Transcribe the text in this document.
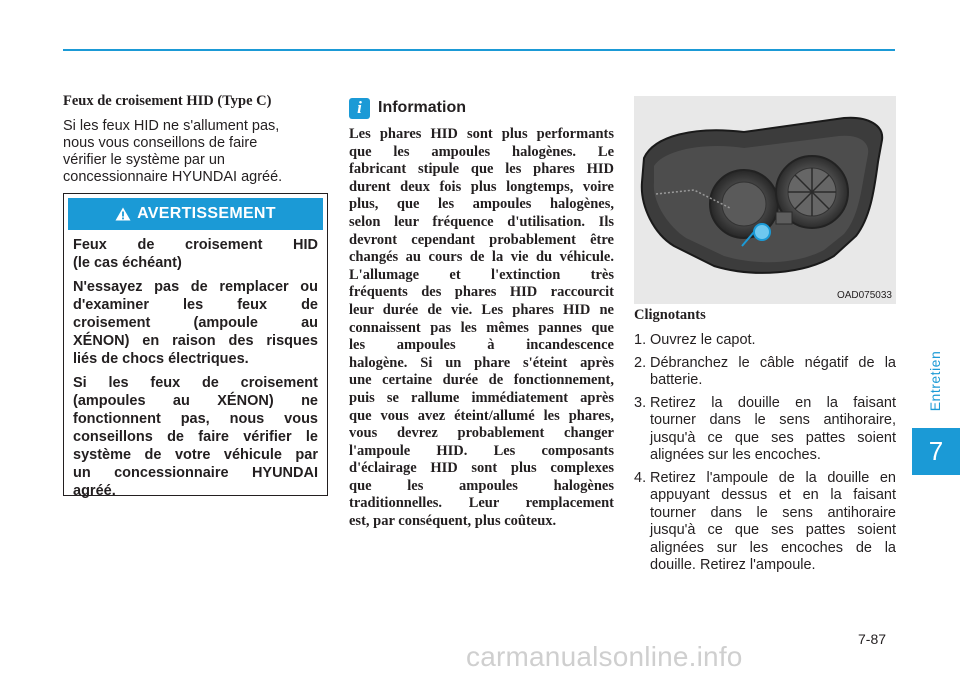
Entretien
7
Feux de croisement HID (Type C)

Si les feux HID ne s'allument pas,
nous vous conseillons de faire
vérifier le système par un
concessionnaire HYUNDAI agréé.

AVERTISSEMENT

Feux de croisement HID
(le cas échéant)

N'essayez pas de remplacer ou
d'examiner les feux de
croisement (ampoule au
XÉNON) en raison des risques
liés de chocs électriques.

Si les feux de croisement
(ampoules au XÉNON) ne
fonctionnent pas, nous vous
conseillons de faire vérifier le
système de votre véhicule par
un concessionnaire HYUNDAI
agréé.

i	Information
Les phares HID sont plus performants
que les ampoules halogènes. Le
fabricant stipule que les phares HID
durent deux fois plus longtemps, voire
plus, que les ampoules halogènes,
selon leur fréquence d'utilisation. Ils
devront cependant probablement être
changés au cours de la vie du véhicule.
L'allumage et l'extinction très
fréquents des phares HID raccourcit
leur durée de vie. Les phares HID ne
connaissent pas les mêmes pannes que
les ampoules à incandescence
halogène. Si un phare s'éteint après
une certaine durée de fonctionnement,
puis se rallume immédiatement après
que vous avez éteint/allumé les phares,
vous devrez probablement changer
l'ampoule HID. Les composants
d'éclairage HID sont plus complexes
que les ampoules halogènes
traditionnelles. Leur remplacement
est, par conséquent, plus coûteux.
OAD075033
Clignotants
1. Ouvrez le capot.
2. Débranchez le câble négatif de la
batterie.
3. Retirez la douille en la faisant
tourner dans le sens antihoraire,
jusqu'à ce que ses pattes soient
alignées sur les encoches.
4. Retirez l'ampoule de la douille en
appuyant dessus et en la faisant
tourner dans le sens antihoraire
jusqu'à ce que ses pattes soient
alignées sur les encoches de la
douille. Retirez l'ampoule.
7-87
carmanualsonline.info
